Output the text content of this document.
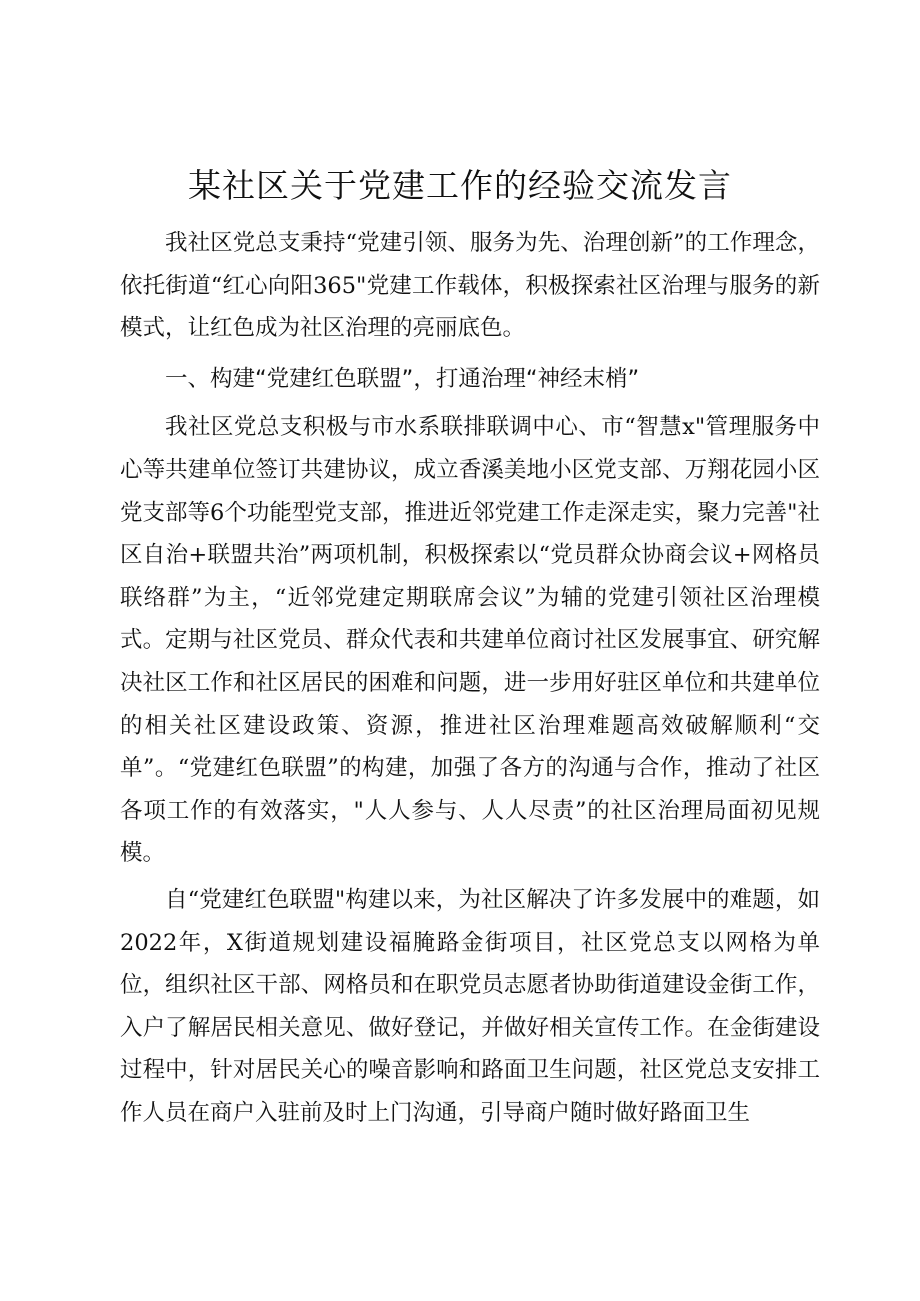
某社区关于党建工作的经验交流发言

我社区党总支秉持“党建引领、服务为先、治理创新”的工作理念，依托街道“红心向阳365"党建工作载体，积极探索社区治理与服务的新模式，让红色成为社区治理的亮丽底色。

一、构建“党建红色联盟”，打通治理“神经末梢”

我社区党总支积极与市水系联排联调中心、市“智慧x"管理服务中心等共建单位签订共建协议，成立香溪美地小区党支部、万翔花园小区党支部等6个功能型党支部，推进近邻党建工作走深走实，聚力完善"社区自治+联盟共治”两项机制，积极探索以“党员群众协商会议+网格员联络群”为主，“近邻党建定期联席会议”为辅的党建引领社区治理模式。定期与社区党员、群众代表和共建单位商讨社区发展事宜、研究解决社区工作和社区居民的困难和问题，进一步用好驻区单位和共建单位的相关社区建设政策、资源，推进社区治理难题高效破解顺利“交单”。“党建红色联盟”的构建，加强了各方的沟通与合作，推动了社区各项工作的有效落实，"人人参与、人人尽责”的社区治理局面初见规模。

自“党建红色联盟"构建以来，为社区解决了许多发展中的难题，如2022年，X街道规划建设福腌路金街项目，社区党总支以网格为单位，组织社区干部、网格员和在职党员志愿者协助街道建设金街工作，入户了解居民相关意见、做好登记，并做好相关宣传工作。在金街建设过程中，针对居民关心的噪音影响和路面卫生问题，社区党总支安排工作人员在商户入驻前及时上门沟通，引导商户随时做好路面卫生
